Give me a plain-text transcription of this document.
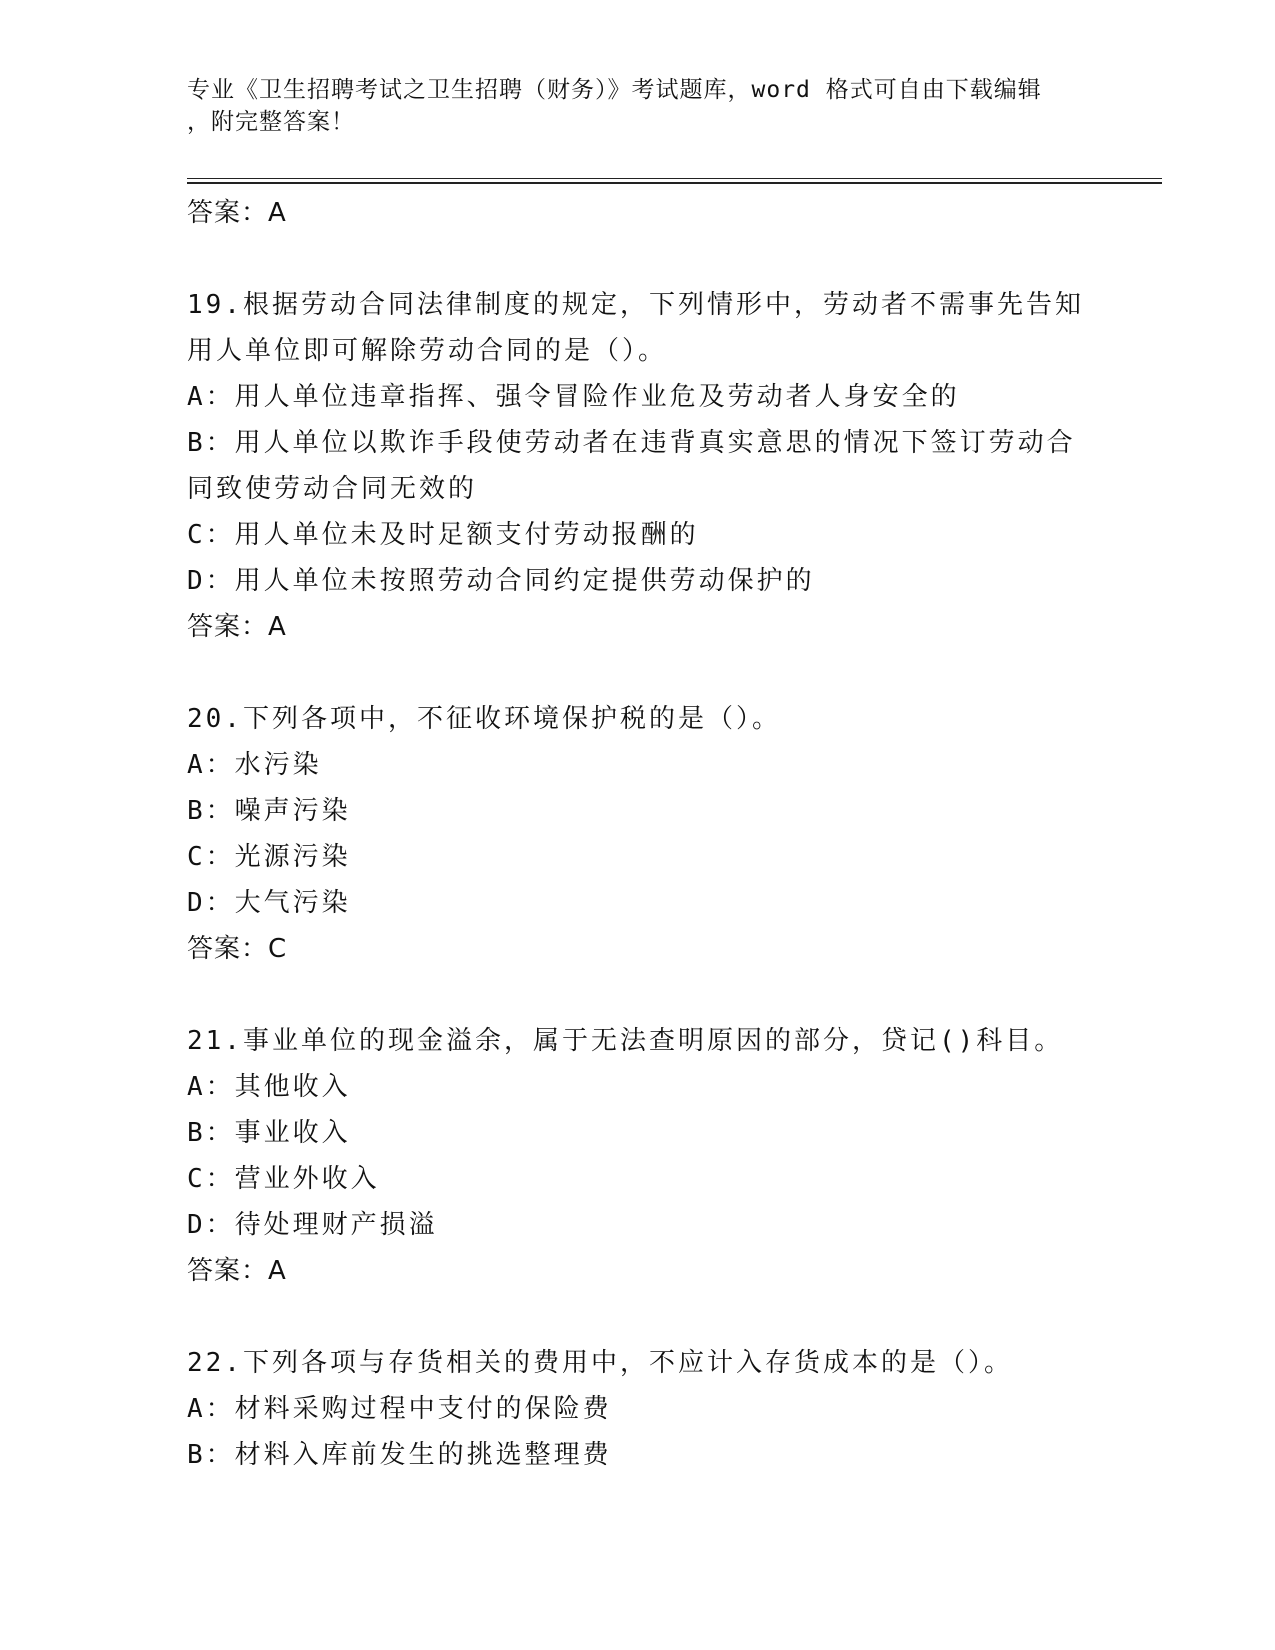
专业《卫生招聘考试之卫生招聘（财务）》考试题库，word 格式可自由下载编辑
，附完整答案！
答案：A
19.根据劳动合同法律制度的规定，下列情形中，劳动者不需事先告知
用人单位即可解除劳动合同的是（）。
A：用人单位违章指挥、强令冒险作业危及劳动者人身安全的
B：用人单位以欺诈手段使劳动者在违背真实意思的情况下签订劳动合
同致使劳动合同无效的
C：用人单位未及时足额支付劳动报酬的
D：用人单位未按照劳动合同约定提供劳动保护的
答案：A
20.下列各项中，不征收环境保护税的是（）。
A：水污染
B：噪声污染
C：光源污染
D：大气污染
答案：C
21.事业单位的现金溢余，属于无法查明原因的部分，贷记()科目。
A：其他收入
B：事业收入
C：营业外收入
D：待处理财产损溢
答案：A
22.下列各项与存货相关的费用中，不应计入存货成本的是（）。
A：材料采购过程中支付的保险费
B：材料入库前发生的挑选整理费
